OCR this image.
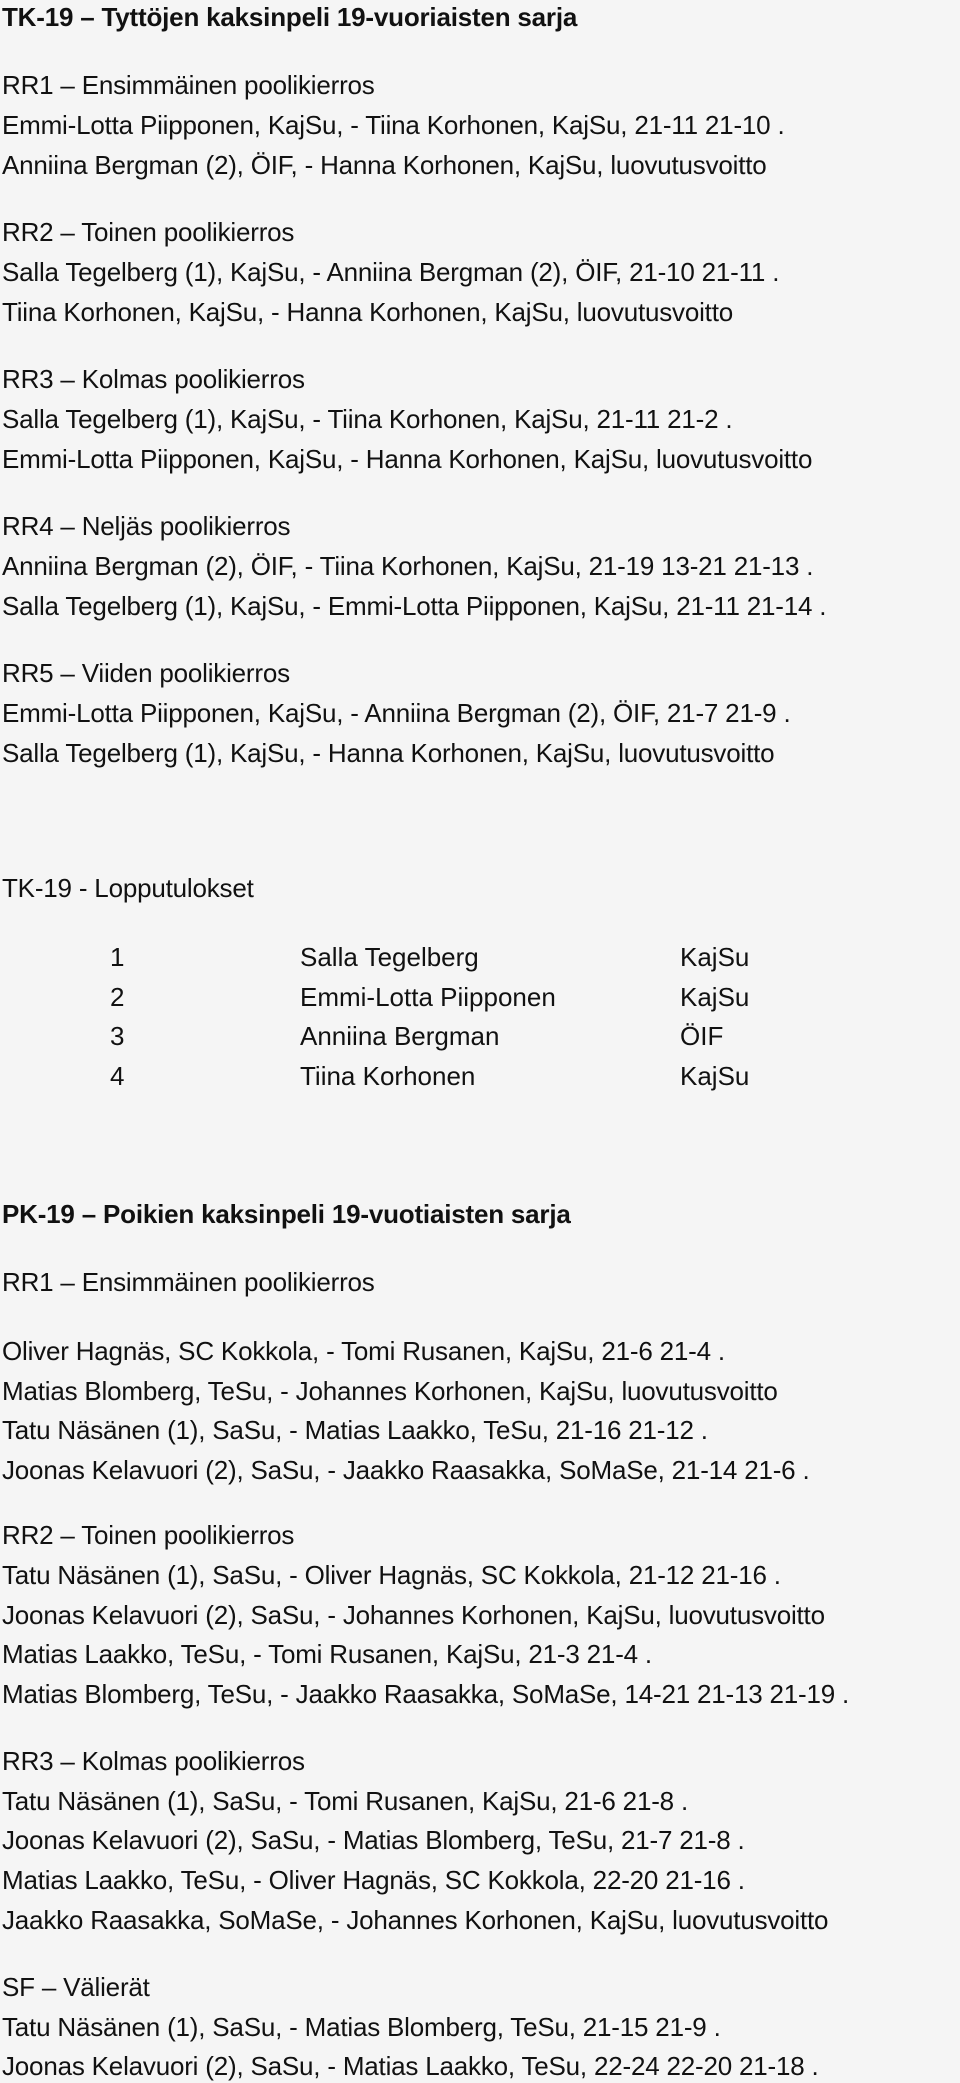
TK-19 – Tyttöjen kaksinpeli 19-vuoriaisten sarja
RR1 – Ensimmäinen poolikierros
Emmi-Lotta Piipponen, KajSu, - Tiina Korhonen, KajSu, 21-11 21-10 .
Anniina Bergman (2), ÖIF, - Hanna Korhonen, KajSu, luovutusvoitto
RR2 – Toinen poolikierros
Salla Tegelberg (1), KajSu, - Anniina Bergman (2), ÖIF, 21-10 21-11 .
Tiina Korhonen, KajSu, - Hanna Korhonen, KajSu, luovutusvoitto
RR3 – Kolmas poolikierros
Salla Tegelberg (1), KajSu, - Tiina Korhonen, KajSu, 21-11 21-2 .
Emmi-Lotta Piipponen, KajSu, - Hanna Korhonen, KajSu, luovutusvoitto
RR4 – Neljäs poolikierros
Anniina Bergman (2), ÖIF, - Tiina Korhonen, KajSu, 21-19 13-21 21-13 .
Salla Tegelberg (1), KajSu, - Emmi-Lotta Piipponen, KajSu, 21-11 21-14 .
RR5 – Viiden poolikierros
Emmi-Lotta Piipponen, KajSu, - Anniina Bergman (2), ÖIF, 21-7 21-9 .
Salla Tegelberg (1), KajSu, - Hanna Korhonen, KajSu, luovutusvoitto
TK-19 - Lopputulokset
1	Salla Tegelberg	KajSu
2	Emmi-Lotta Piipponen	KajSu
3	Anniina Bergman	ÖIF
4	Tiina Korhonen	KajSu
PK-19 – Poikien kaksinpeli 19-vuotiaisten sarja
RR1 – Ensimmäinen poolikierros
Oliver Hagnäs, SC Kokkola, - Tomi Rusanen, KajSu, 21-6 21-4 .
Matias Blomberg, TeSu, - Johannes Korhonen, KajSu, luovutusvoitto
Tatu Näsänen (1), SaSu, - Matias Laakko, TeSu, 21-16 21-12 .
Joonas Kelavuori (2), SaSu, - Jaakko Raasakka, SoMaSe, 21-14 21-6 .
RR2 – Toinen poolikierros
Tatu Näsänen (1), SaSu, - Oliver Hagnäs, SC Kokkola, 21-12 21-16 .
Joonas Kelavuori (2), SaSu, - Johannes Korhonen, KajSu, luovutusvoitto
Matias Laakko, TeSu, - Tomi Rusanen, KajSu, 21-3 21-4 .
Matias Blomberg, TeSu, - Jaakko Raasakka, SoMaSe, 14-21 21-13 21-19 .
RR3 – Kolmas poolikierros
Tatu Näsänen (1), SaSu, - Tomi Rusanen, KajSu, 21-6 21-8 .
Joonas Kelavuori (2), SaSu, - Matias Blomberg, TeSu, 21-7 21-8 .
Matias Laakko, TeSu, - Oliver Hagnäs, SC Kokkola, 22-20 21-16 .
Jaakko Raasakka, SoMaSe, - Johannes Korhonen, KajSu, luovutusvoitto
SF – Välierät
Tatu Näsänen (1), SaSu, - Matias Blomberg, TeSu, 21-15 21-9 .
Joonas Kelavuori (2), SaSu, - Matias Laakko, TeSu, 22-24 22-20 21-18 .
